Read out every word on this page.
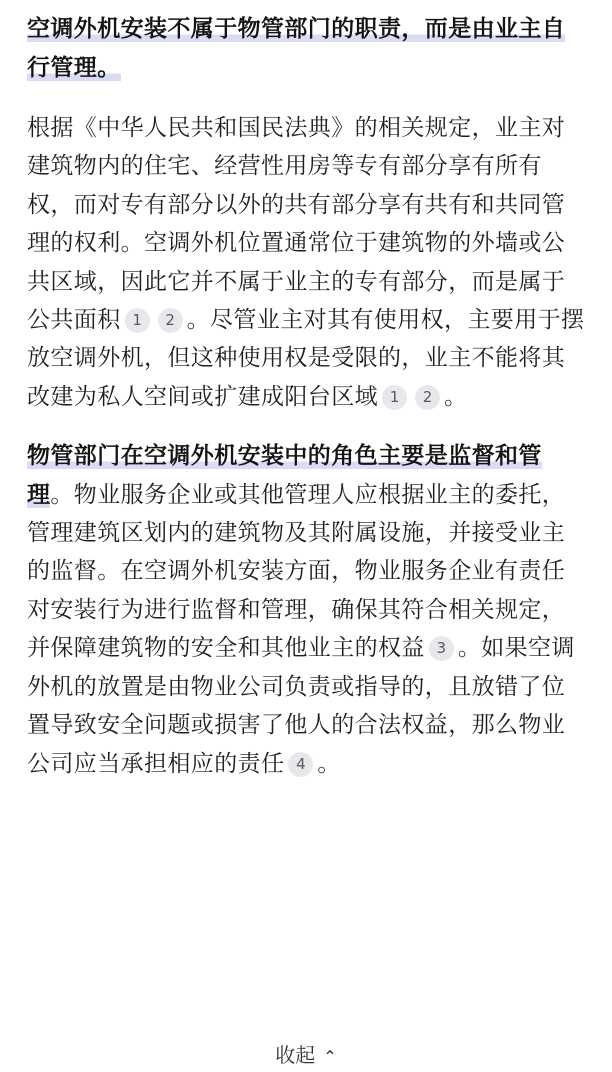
空调外机安装不属于物管部门的职责，而是由业主自行管理。

根据《中华人民共和国民法典》的相关规定，业主对建筑物内的住宅、经营性用房等专有部分享有所有权，而对专有部分以外的共有部分享有共有和共同管理的权利。空调外机位置通常位于建筑物的外墙或公共区域，因此它并不属于业主的专有部分，而是属于公共面积 1 2 。尽管业主对其有使用权，主要用于摆放空调外机，但这种使用权是受限的，业主不能将其改建为私人空间或扩建成阳台区域 1 2 。

物管部门在空调外机安装中的角色主要是监督和管理。物业服务企业或其他管理人应根据业主的委托，管理建筑区划内的建筑物及其附属设施，并接受业主的监督。在空调外机安装方面，物业服务企业有责任对安装行为进行监督和管理，确保其符合相关规定，并保障建筑物的安全和其他业主的权益 3 。如果空调外机的放置是由物业公司负责或指导的，且放错了位置导致安全问题或损害了他人的合法权益，那么物业公司应当承担相应的责任 4 。

收起 ⌃
